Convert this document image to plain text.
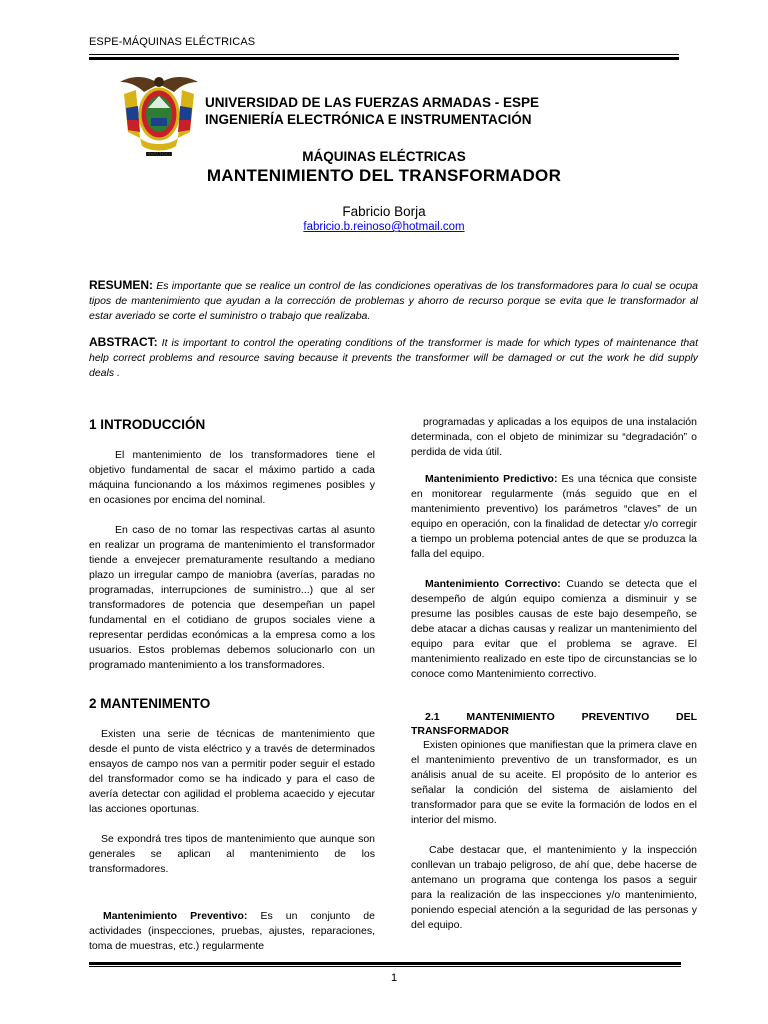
ESPE-MÁQUINAS ELÉCTRICAS
ECUADOR
UNIVERSIDAD DE LAS FUERZAS ARMADAS - ESPE
INGENIERÍA ELECTRÓNICA E INSTRUMENTACIÓN
MÁQUINAS ELÉCTRICAS
MANTENIMIENTO DEL TRANSFORMADOR
Fabricio Borja
fabricio.b.reinoso@hotmail.com
RESUMEN: Es importante que se realice un control de las condiciones operativas de los transformadores para lo cual se ocupa tipos de mantenimiento que ayudan a la corrección de problemas y ahorro de recurso porque se evita que le transformador al estar averiado se corte el suministro o trabajo que realizaba.
ABSTRACT: It is important to control the operating conditions of the transformer is made for which types of maintenance that help correct problems and resource saving because it prevents the transformer will be damaged or cut the work he did supply deals .

1 INTRODUCCIÓN

El mantenimiento de los transformadores tiene el objetivo fundamental de sacar el máximo partido a cada máquina funcionando a los máximos regimenes posibles y en ocasiones por encima del nominal.

En caso de no tomar las respectivas cartas al asunto en realizar un programa de mantenimiento el transformador tiende a envejecer prematuramente resultando a mediano plazo un irregular campo de maniobra (averías, paradas no programadas, interrupciones de suministro...) que al ser transformadores de potencia que desempeñan un papel fundamental en el cotidiano de grupos sociales viene a representar perdidas económicas a la empresa como a los usuarios. Estos problemas debemos solucionarlo con un programado mantenimiento a los transformadores.

2 MANTENIMENTO

Existen una serie de técnicas de mantenimiento que desde el punto de vista eléctrico y a través de determinados ensayos de campo nos van a permitir poder seguir el estado del transformador como se ha indicado y para el caso de avería detectar con agilidad el problema acaecido y ejecutar las acciones oportunas.

Se expondrá tres tipos de mantenimiento que aunque son generales se aplican al mantenimiento de los transformadores.

Mantenimiento Preventivo: Es un conjunto de actividades (inspecciones, pruebas, ajustes, reparaciones, toma de muestras, etc.) regularmente

programadas y aplicadas a los equipos de una instalación determinada, con el objeto de minimizar su “degradación” o perdida de vida útil.

Mantenimiento Predictivo: Es una técnica que consiste en monitorear regularmente (más seguido que en el mantenimiento preventivo) los parámetros “claves” de un equipo en operación, con la finalidad de detectar y/o corregir a tiempo un problema potencial antes de que se produzca la falla del equipo.

Mantenimiento Correctivo: Cuando se detecta que el desempeño de algún equipo comienza a disminuir y se presume las posibles causas de este bajo desempeño, se debe atacar a dichas causas y realizar un mantenimiento del equipo para evitar que el problema se agrave. El mantenimiento realizado en este tipo de circunstancias se lo conoce como Mantenimiento correctivo.

2.1 MANTENIMIENTO PREVENTIVO DEL TRANSFORMADOR

Existen opiniones que manifiestan que la primera clave en el mantenimiento preventivo de un transformador, es un análisis anual de su aceite. El propósito de lo anterior es señalar la condición del sistema de aislamiento del transformador para que se evite la formación de lodos en el interior del mismo.

Cabe destacar que, el mantenimiento y la inspección conllevan un trabajo peligroso, de ahí que, debe hacerse de antemano un programa que contenga los pasos a seguir para la realización de las inspecciones y/o mantenimiento, poniendo especial atención a la seguridad de las personas y del equipo.

1
